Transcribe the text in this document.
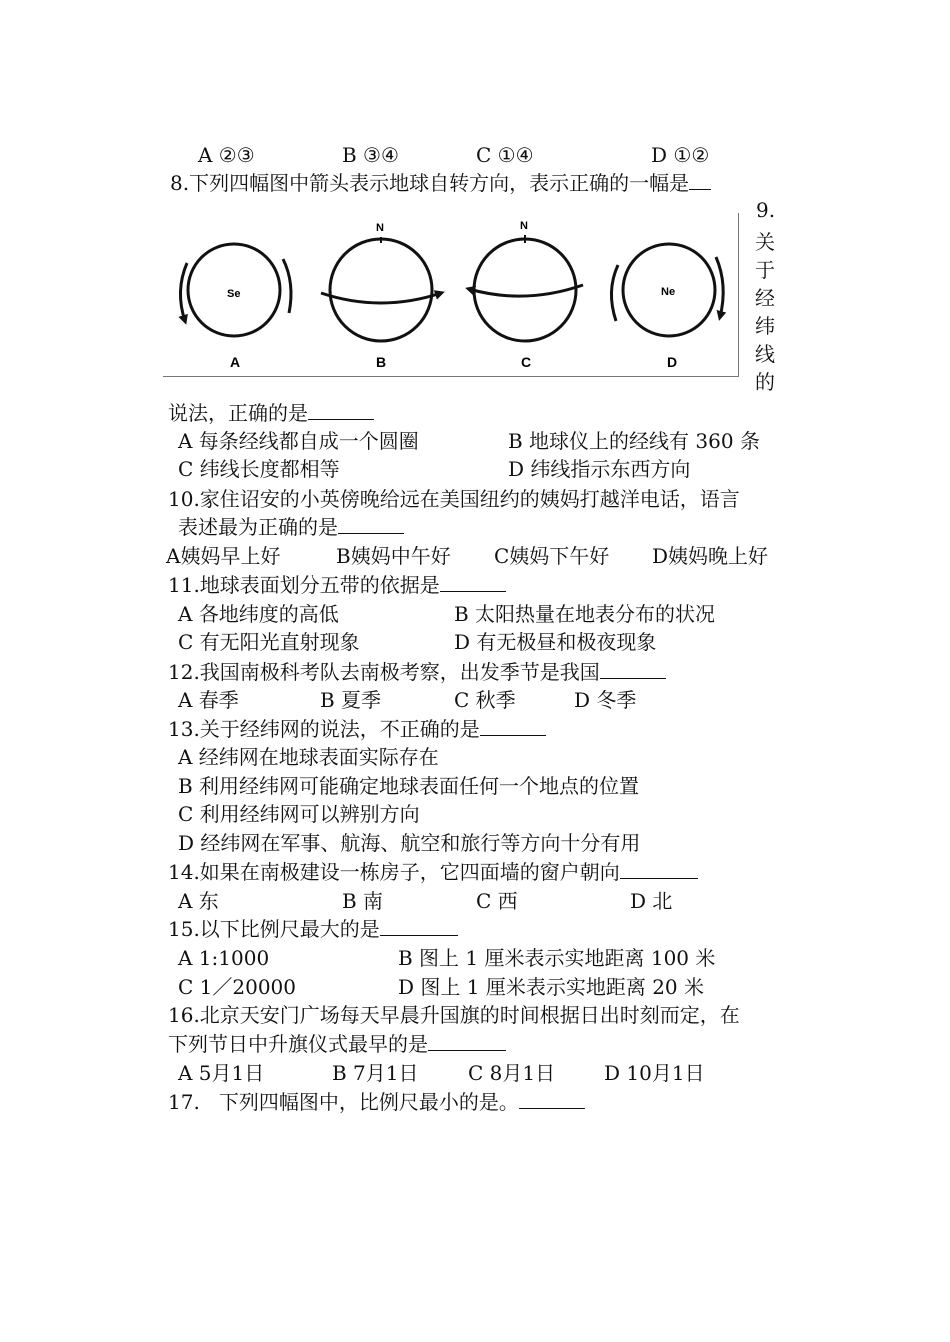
A ②③	B ③④	C ①④	D ①②
8.下列四幅图中箭头表示地球自转方向，表示正确的一幅是
9.
Se
A
N
B
N
C
Ne
D
关
于
经
纬
线
的
说法，正确的是
A 每条经线都自成一个圆圈	B 地球仪上的经线有 360 条
C 纬线长度都相等	D 纬线指示东西方向
10.家住诏安的小英傍晚给远在美国纽约的姨妈打越洋电话，语言
表述最为正确的是
A姨妈早上好	B姨妈中午好 C姨妈下午好 D姨妈晚上好
11.地球表面划分五带的依据是
A 各地纬度的高低	B 太阳热量在地表分布的状况
C 有无阳光直射现象	D 有无极昼和极夜现象
12.我国南极科考队去南极考察，出发季节是我国
A 春季	B 夏季	C 秋季	D 冬季
13.关于经纬网的说法，不正确的是
A 经纬网在地球表面实际存在
B 利用经纬网可能确定地球表面任何一个地点的位置
C 利用经纬网可以辨别方向
D 经纬网在军事、航海、航空和旅行等方向十分有用
14.如果在南极建设一栋房子，它四面墙的窗户朝向
A 东	B 南	C 西	D 北
15.以下比例尺最大的是
A 1:1000	B 图上 1 厘米表示实地距离 100 米
C 1／20000	D 图上 1 厘米表示实地距离 20 米
16.北京天安门广场每天早晨升国旗的时间根据日出时刻而定，在
下列节日中升旗仪式最早的是
A 5月1日	B 7月1日 C 8月1日 D 10月1日
17.   下列四幅图中，比例尺最小的是。
